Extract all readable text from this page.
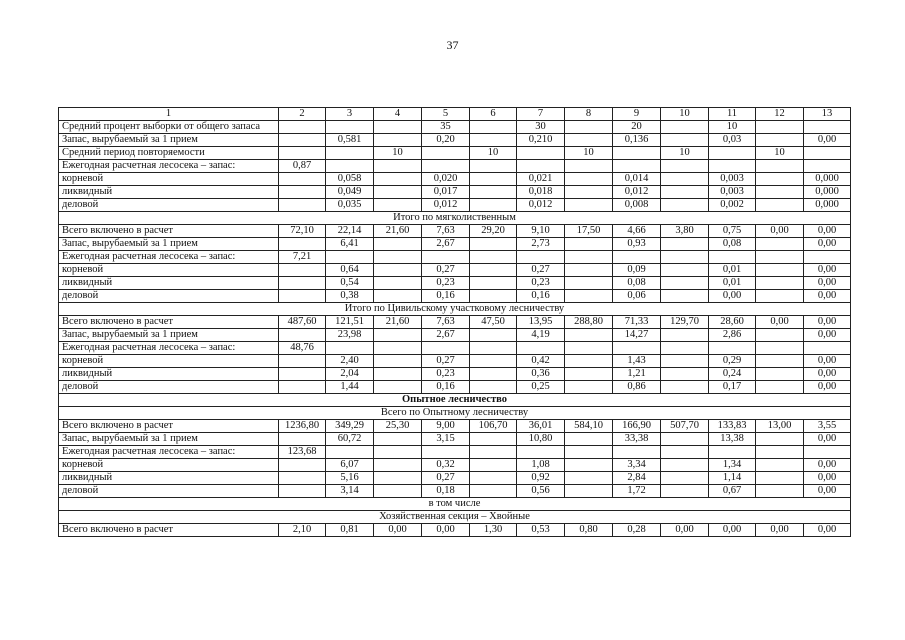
37
1	2	3	4	5	6	7	8	9	10	11	12	13
Средний процент выборки от общего запаса				35		30		20		10		
Запас, вырубаемый за 1 прием		0,581		0,20		0,210		0,136		0,03		0,00
Средний период повторяемости			10		10		10		10		10	
Ежегодная расчетная лесосека – запас:	0,87											
корневой		0,058		0,020		0,021		0,014		0,003		0,000
ликвидный		0,049		0,017		0,018		0,012		0,003		0,000
деловой		0,035		0,012		0,012		0,008		0,002		0,000
Итого по мягколиственным												
Всего включено в расчет	72,10	22,14	21,60	7,63	29,20	9,10	17,50	4,66	3,80	0,75	0,00	0,00
Запас, вырубаемый за 1 прием		6,41		2,67		2,73		0,93		0,08		0,00
Ежегодная расчетная лесосека – запас:	7,21											
корневой		0,64		0,27		0,27		0,09		0,01		0,00
ликвидный		0,54		0,23		0,23		0,08		0,01		0,00
деловой		0,38		0,16		0,16		0,06		0,00		0,00
Итого по Цивильскому участковому лесничеству												
Всего включено в расчет	487,60	121,51	21,60	7,63	47,50	13,95	288,80	71,33	129,70	28,60	0,00	0,00
Запас, вырубаемый за 1 прием		23,98		2,67		4,19		14,27		2,86		0,00
Ежегодная расчетная лесосека – запас:	48,76											
корневой		2,40		0,27		0,42		1,43		0,29		0,00
ликвидный		2,04		0,23		0,36		1,21		0,24		0,00
деловой		1,44		0,16		0,25		0,86		0,17		0,00
Опытное лесничество												
Всего по Опытному лесничеству												
Всего включено в расчет	1236,80	349,29	25,30	9,00	106,70	36,01	584,10	166,90	507,70	133,83	13,00	3,55
Запас, вырубаемый за 1 прием		60,72		3,15		10,80		33,38		13,38		0,00
Ежегодная расчетная лесосека – запас:	123,68											
корневой		6,07		0,32		1,08		3,34		1,34		0,00
ликвидный		5,16		0,27		0,92		2,84		1,14		0,00
деловой		3,14		0,18		0,56		1,72		0,67		0,00
в том числе												
Хозяйственная секция – Хвойные												
Всего включено в расчет	2,10	0,81	0,00	0,00	1,30	0,53	0,80	0,28	0,00	0,00	0,00	0,00
